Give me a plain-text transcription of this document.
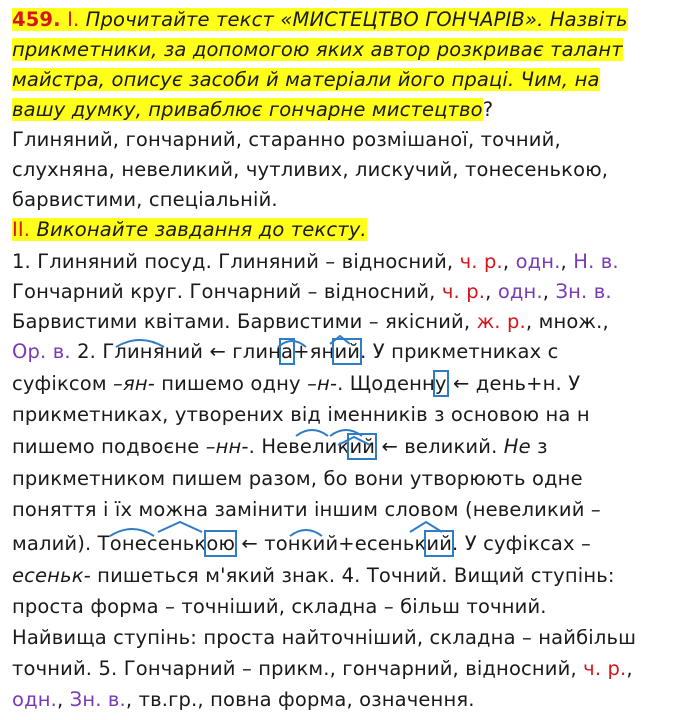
459. І. Прочитайте текст «МИСТЕЦТВО ГОНЧАРІВ». Назвіть
прикметники, за допомогою яких автор розкриває талант
майстра, описує засоби й матеріали його праці. Чим, на
вашу думку, приваблює гончарне мистецтво?
Глиняний, гончарний, старанно розмішаної, точний,
слухняна, невеликий, чутливих, лискучий, тонесенькою,
барвистими, спеціальній.
ІІ. Виконайте завдання до тексту.
1. Глиняний посуд. Глиняний – відносний, ч. р., одн., Н. в.
Гончарний круг. Гончарний – відносний, ч. р., одн., Зн. в.
Барвистими квітами. Барвистими – якісний, ж. р., множ.,
Ор. в. 2. Глиняний ← глина+яний. У прикметниках с
суфіксом –ян- пишемо одну –н-. Щоденну ← день+н. У
прикметниках, утворених від іменників з основою на н
пишемо подвоєне –нн-. Невеликий ← великий. Не з
прикметником пишем разом, бо вони утворюють одне
поняття і їх можна замінити іншим словом (невеликий –
малий). Тонесенькою ← тонкий+есенький. У суфіксах –
есеньк- пишеться м'який знак. 4. Точний. Вищий ступінь:
проста форма – точніший, складна – більш точний.
Найвища ступінь: проста найточніший, складна – найбільш
точний. 5. Гончарний – прикм., гончарний, відносний, ч. р.,
одн., Зн. в., тв.гр., повна форма, означення.
